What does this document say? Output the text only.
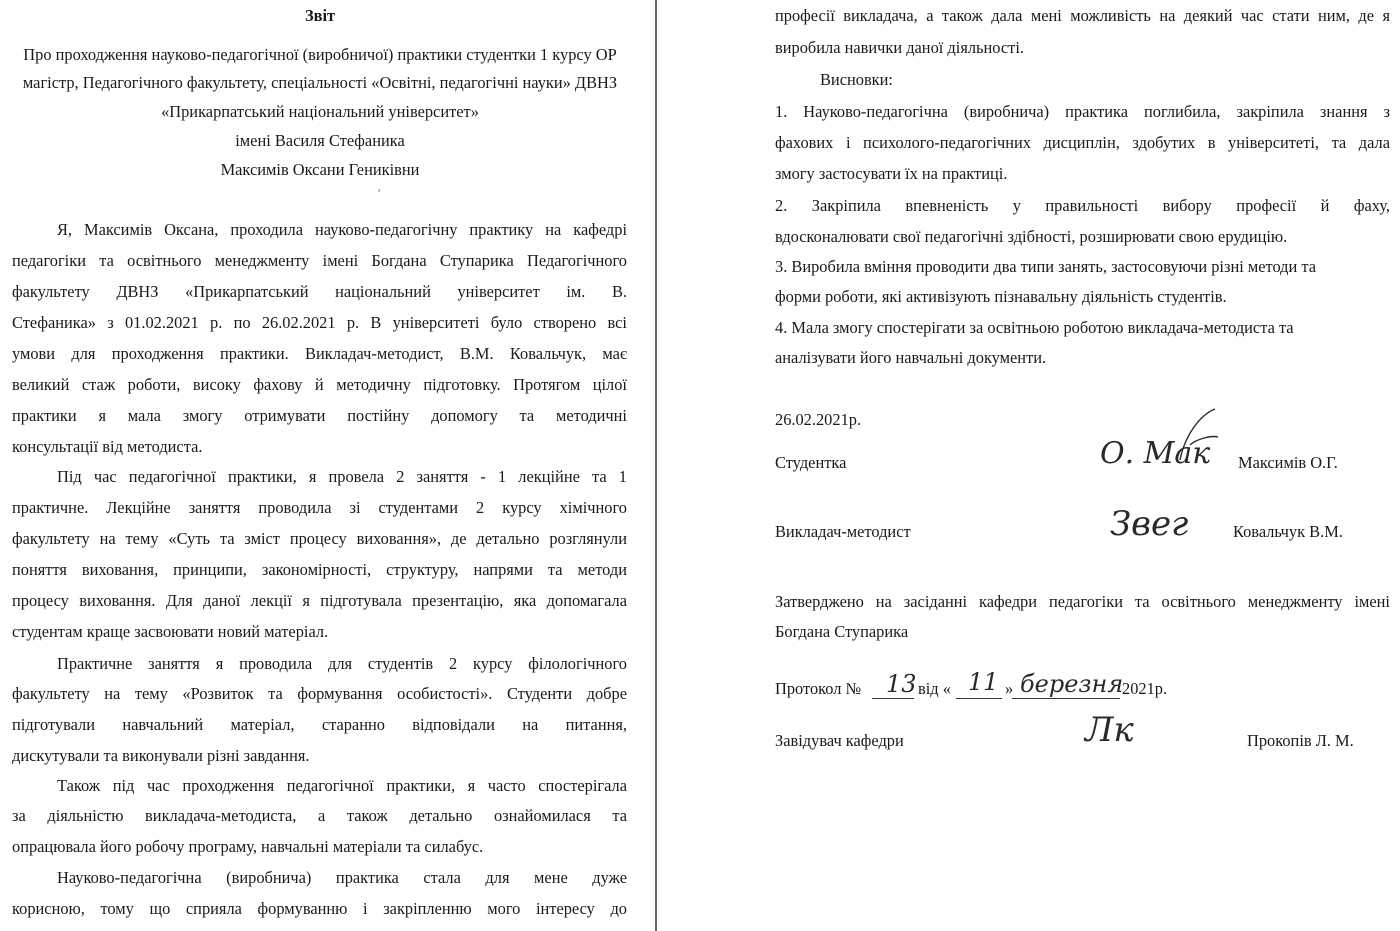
Звіт
Про проходження науково-педагогічної (виробничої) практики студентки 1 курсу ОР
магістр, Педагогічного факультету, спеціальності «Освітні, педагогічні науки» ДВНЗ
«Прикарпатський національний університет»
імені Василя Стефаника
Максимів Оксани Гениківни
Я, Максимів Оксана, проходила науково-педагогічну практику на кафедрі
педагогіки та освітнього менеджменту імені Богдана Ступарика Педагогічного
факультету ДВНЗ «Прикарпатський національний університет ім. В.
Стефаника» з 01.02.2021 р. по 26.02.2021 р. В університеті було створено всі
умови для проходження практики. Викладач-методист, В.М. Ковальчук, має
великий стаж роботи, високу фахову й методичну підготовку. Протягом цілої
практики я мала змогу отримувати постійну допомогу та методичні
консультації від методиста.
Під час педагогічної практики, я провела 2 заняття - 1 лекційне та 1
практичне. Лекційне заняття проводила зі студентами 2 курсу хімічного
факультету на тему «Суть та зміст процесу виховання», де детально розглянули
поняття виховання, принципи, закономірності, структуру, напрями та методи
процесу виховання. Для даної лекції я підготувала презентацію, яка допомагала
студентам краще засвоювати новий матеріал.
Практичне заняття я проводила для студентів 2 курсу філологічного
факультету на тему «Розвиток та формування особистості». Студенти добре
підготували навчальний матеріал, старанно відповідали на питання,
дискутували та виконували різні завдання.
Також під час проходження педагогічної практики, я часто спостерігала
за діяльністю викладача-методиста, а також детально ознайомилася та
опрацювала його робочу програму, навчальні матеріали та силабус.
Науково-педагогічна (виробнича) практика стала для мене дуже
корисною, тому що сприяла формуванню і закріпленню мого інтересу до
ʹ
професії викладача, а також дала мені можливість на деякий час стати ним, де я
виробила навички даної діяльності.
Висновки:
1. Науково-педагогічна (виробнича) практика поглибила, закріпила знання з
фахових і психолого-педагогічних дисциплін, здобутих в університеті, та дала
змогу застосувати їх на практиці.
2. Закріпила впевненість у правильності вибору професії й фаху,
вдосконалювати свої педагогічні здібності, розширювати свою ерудицію.
3. Виробила вміння проводити два типи занять, застосовуючи різні методи та
форми роботи, які активізують пізнавальну діяльність студентів.
4. Мала змогу спостерігати за освітньою роботою викладача-методиста та
аналізувати його навчальні документи.
26.02.2021р.
Студентка	О. Мак Максимів О.Г.
Викладач-методист	Звег	Ковальчук В.М.
Затверджено на засіданні кафедри педагогіки та освітнього менеджменту імені
Богдана Ступарика
Протокол № 13 від « 11 » березня
2021р.
Завідувач кафедри	Лк	Прокопів Л. М.
